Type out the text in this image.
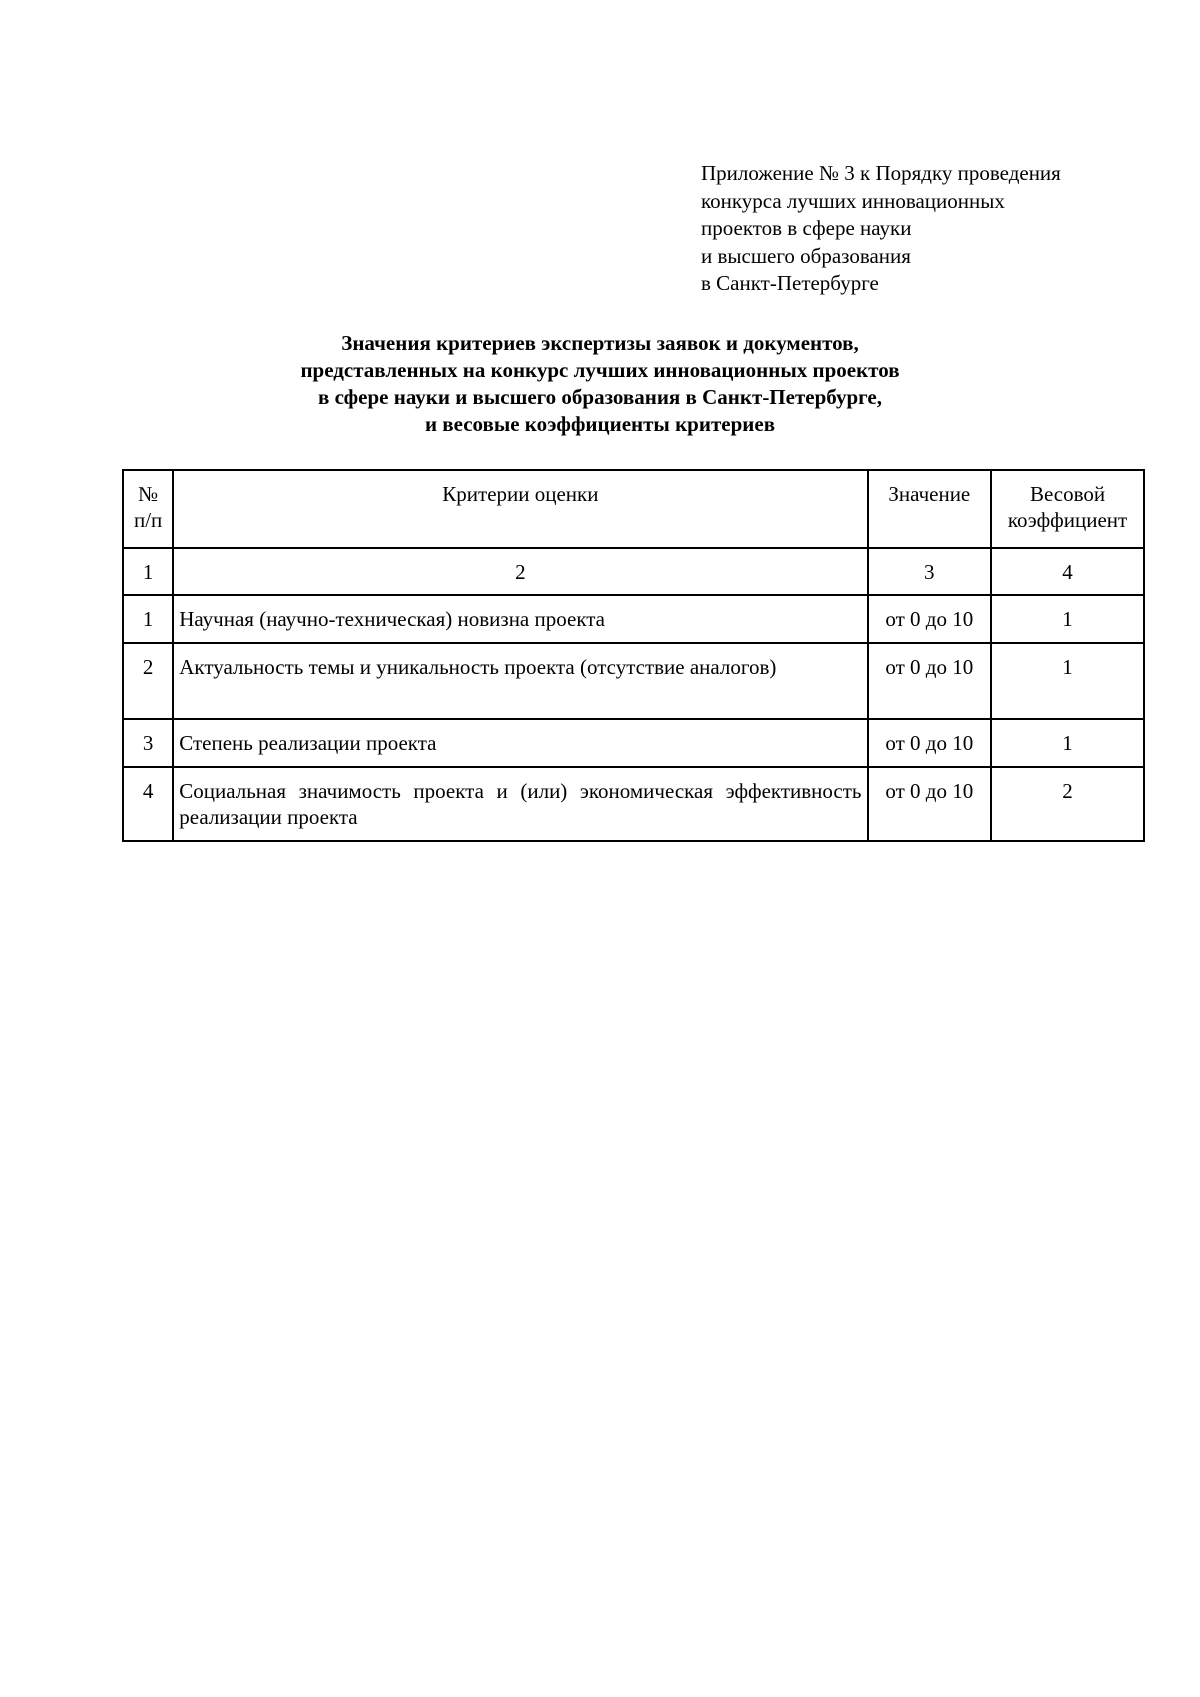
Приложение № 3 к Порядку проведения
конкурса лучших инновационных
проектов в сфере науки
и высшего образования
в Санкт-Петербурге
Значения критериев экспертизы заявок и документов,
представленных на конкурс лучших инновационных проектов
в сфере науки и высшего образования в Санкт-Петербурге,
и весовые коэффициенты критериев
№ п/п	Критерии оценки	Значение	Весовой коэффициент
1	2	3	4
1	Научная (научно-техническая) новизна проекта	от 0 до 10	1
2	Актуальность темы и уникальность проекта (отсутствие аналогов)	от 0 до 10	1
3	Степень реализации проекта	от 0 до 10	1
4	Социальная значимость проекта и (или) экономическая эффективность реализации проекта	от 0 до 10	2
